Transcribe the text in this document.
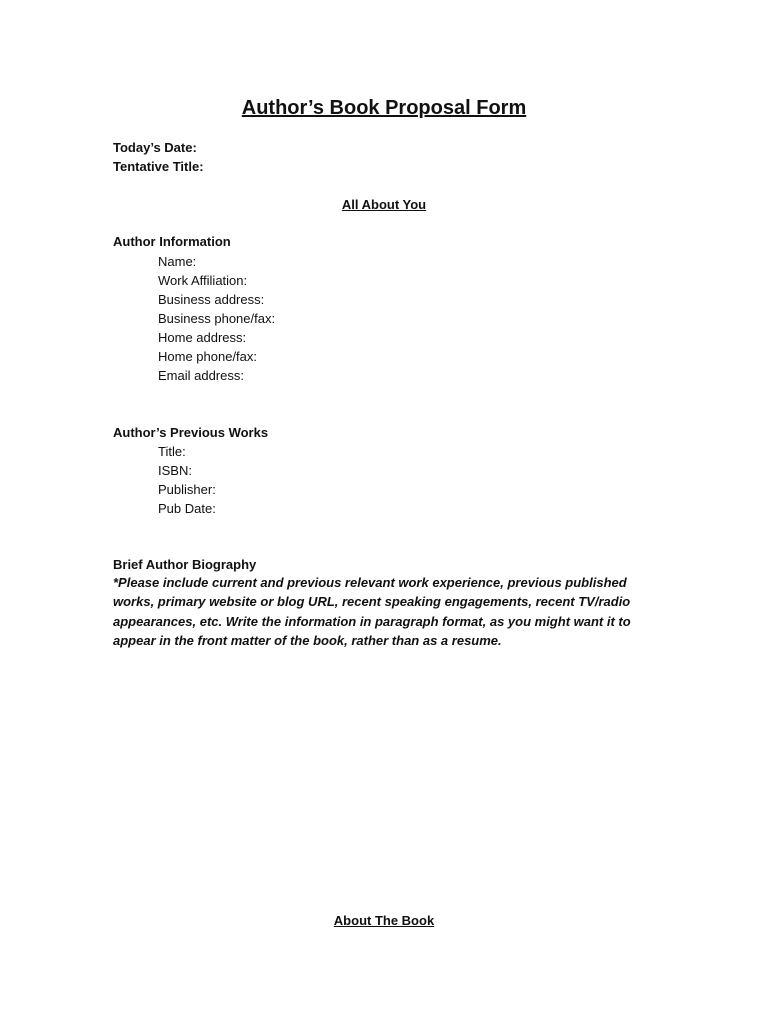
Author’s Book Proposal Form
Today’s Date:
Tentative Title:
All About You
Author Information
Name:
Work Affiliation:
Business address:
Business phone/fax:
Home address:
Home phone/fax:
Email address:
Author’s Previous Works
Title:
ISBN:
Publisher:
Pub Date:
Brief Author Biography
*Please include current and previous relevant work experience, previous published works, primary website or blog URL, recent speaking engagements, recent TV/radio appearances, etc. Write the information in paragraph format, as you might want it to appear in the front matter of the book, rather than as a resume.
About The Book
